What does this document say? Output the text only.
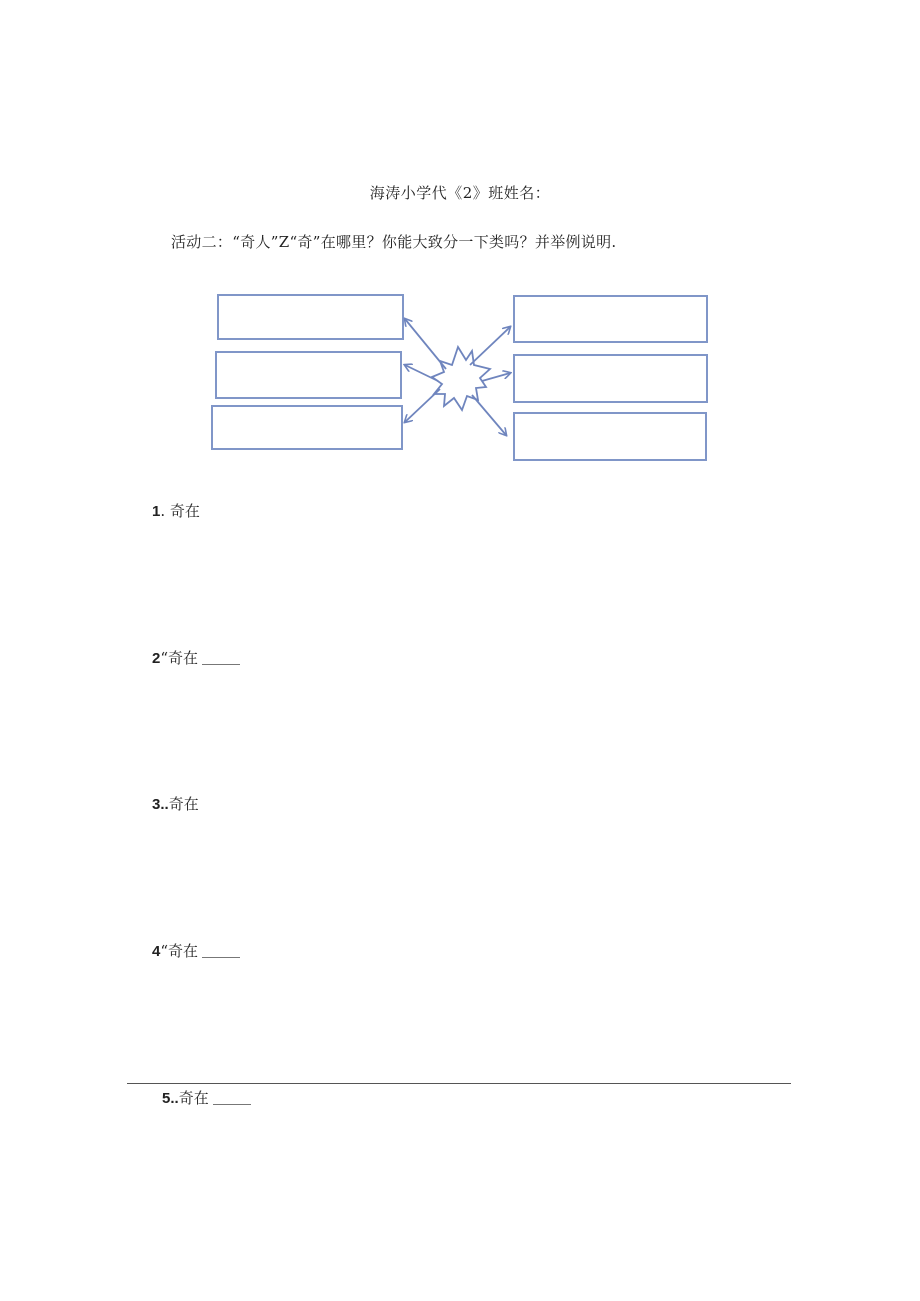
海涛小学代《2》班姓名：
活动二：“奇人”Z“奇”在哪里？你能大致分一下类吗？并举例说明.
1. 奇在
2“奇在
3..奇在
4“奇在
5..奇在
